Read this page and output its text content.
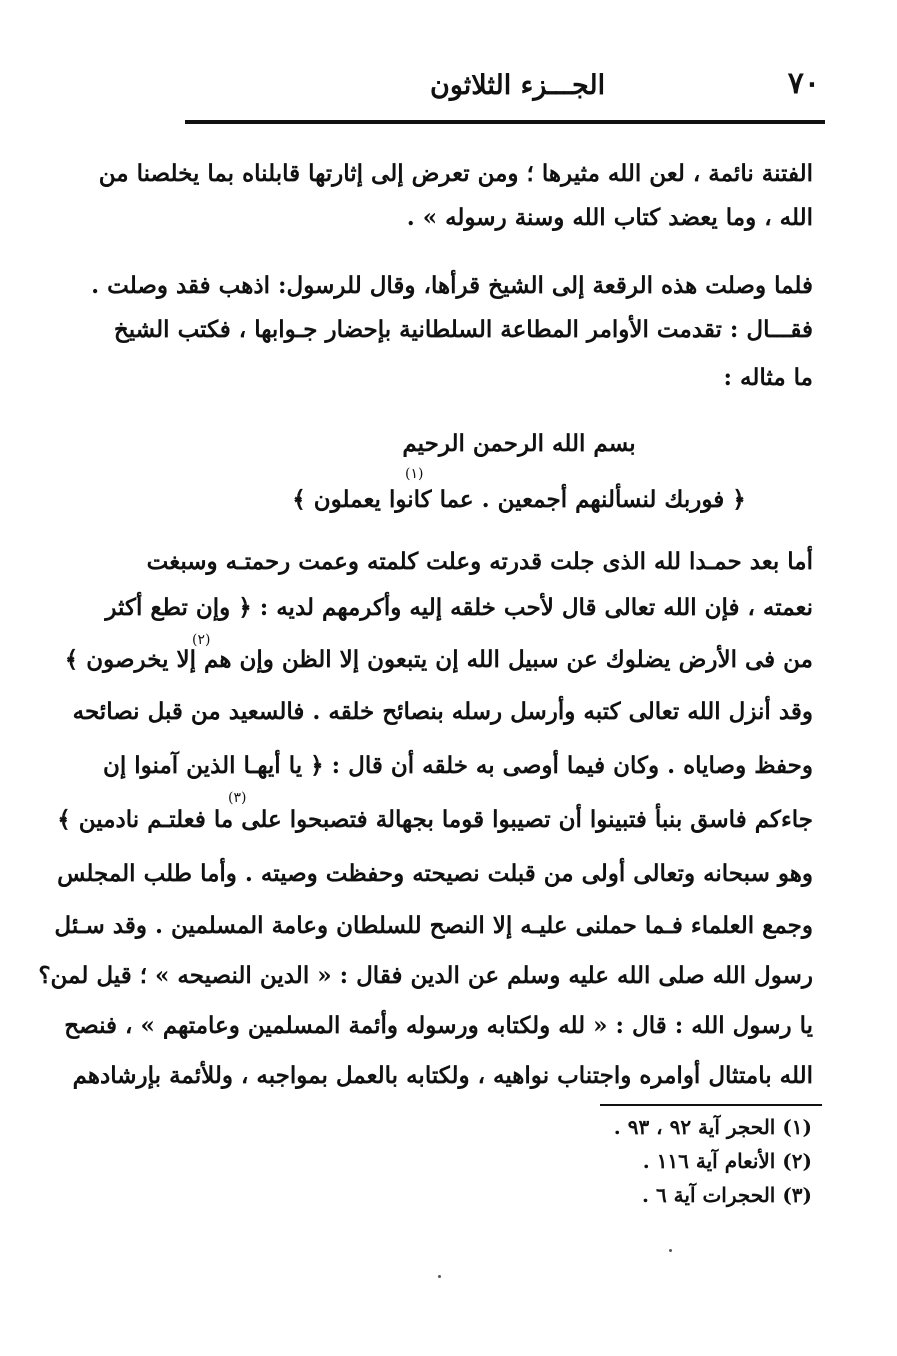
الجـــزء الثلاثون	٧٠
الفتنة نائمة ، لعن الله مثيرها ؛ ومن تعرض إلى إثارتها قابلناه بما يخلصنا من
الله ، وما يعضد كتاب الله وسنة رسوله » .
فلما وصلت هذه الرقعة إلى الشيخ قرأها، وقال للرسول: اذهب فقد وصلت .
فقـــال : تقدمت الأوامر المطاعة السلطانية بإحضار جـوابها ، فكتب الشيخ
ما مثاله :
بسم الله الرحمن الرحيم
﴿ فوربك لنسألنهم أجمعين . عما كانوا يعملون ﴾
أما بعد حمـدا لله الذى جلت قدرته وعلت كلمته وعمت رحمتـه وسبغت
نعمته ، فإن الله تعالى قال لأحب خلقه إليه وأكرمهم لديه : ﴿ وإن تطع أكثر
من فى الأرض يضلوك عن سبيل الله إن يتبعون إلا الظن وإن هم إلا يخرصون ﴾
وقد أنزل الله تعالى كتبه وأرسل رسله بنصائح خلقه . فالسعيد من قبل نصائحه
وحفظ وصاياه . وكان فيما أوصى به خلقه أن قال : ﴿ يا أيهـا الذين آمنوا إن
جاءكم فاسق بنبأ فتبينوا أن تصيبوا قوما بجهالة فتصبحوا على ما فعلتـم نادمين ﴾
وهو سبحانه وتعالى أولى من قبلت نصيحته وحفظت وصيته . وأما طلب المجلس
وجمع العلماء فـما حملنى عليـه إلا النصح للسلطان وعامة المسلمين . وقد سـئل
رسول الله صلى الله عليه وسلم عن الدين فقال : « الدين النصيحه » ؛ قيل لمن؟
يا رسول الله : قال : « لله ولكتابه ورسوله وأئمة المسلمين وعامتهم » ، فنصح
الله بامتثال أوامره واجتناب نواهيه ، ولكتابه بالعمل بمواجبه ، وللأئمة بإرشادهم
(١)
(٢)
(٣)
(١) الحجر آية ٩٢ ، ٩٣ .
(٢) الأنعام آية ١١٦ .
(٣) الحجرات آية ٦ .
